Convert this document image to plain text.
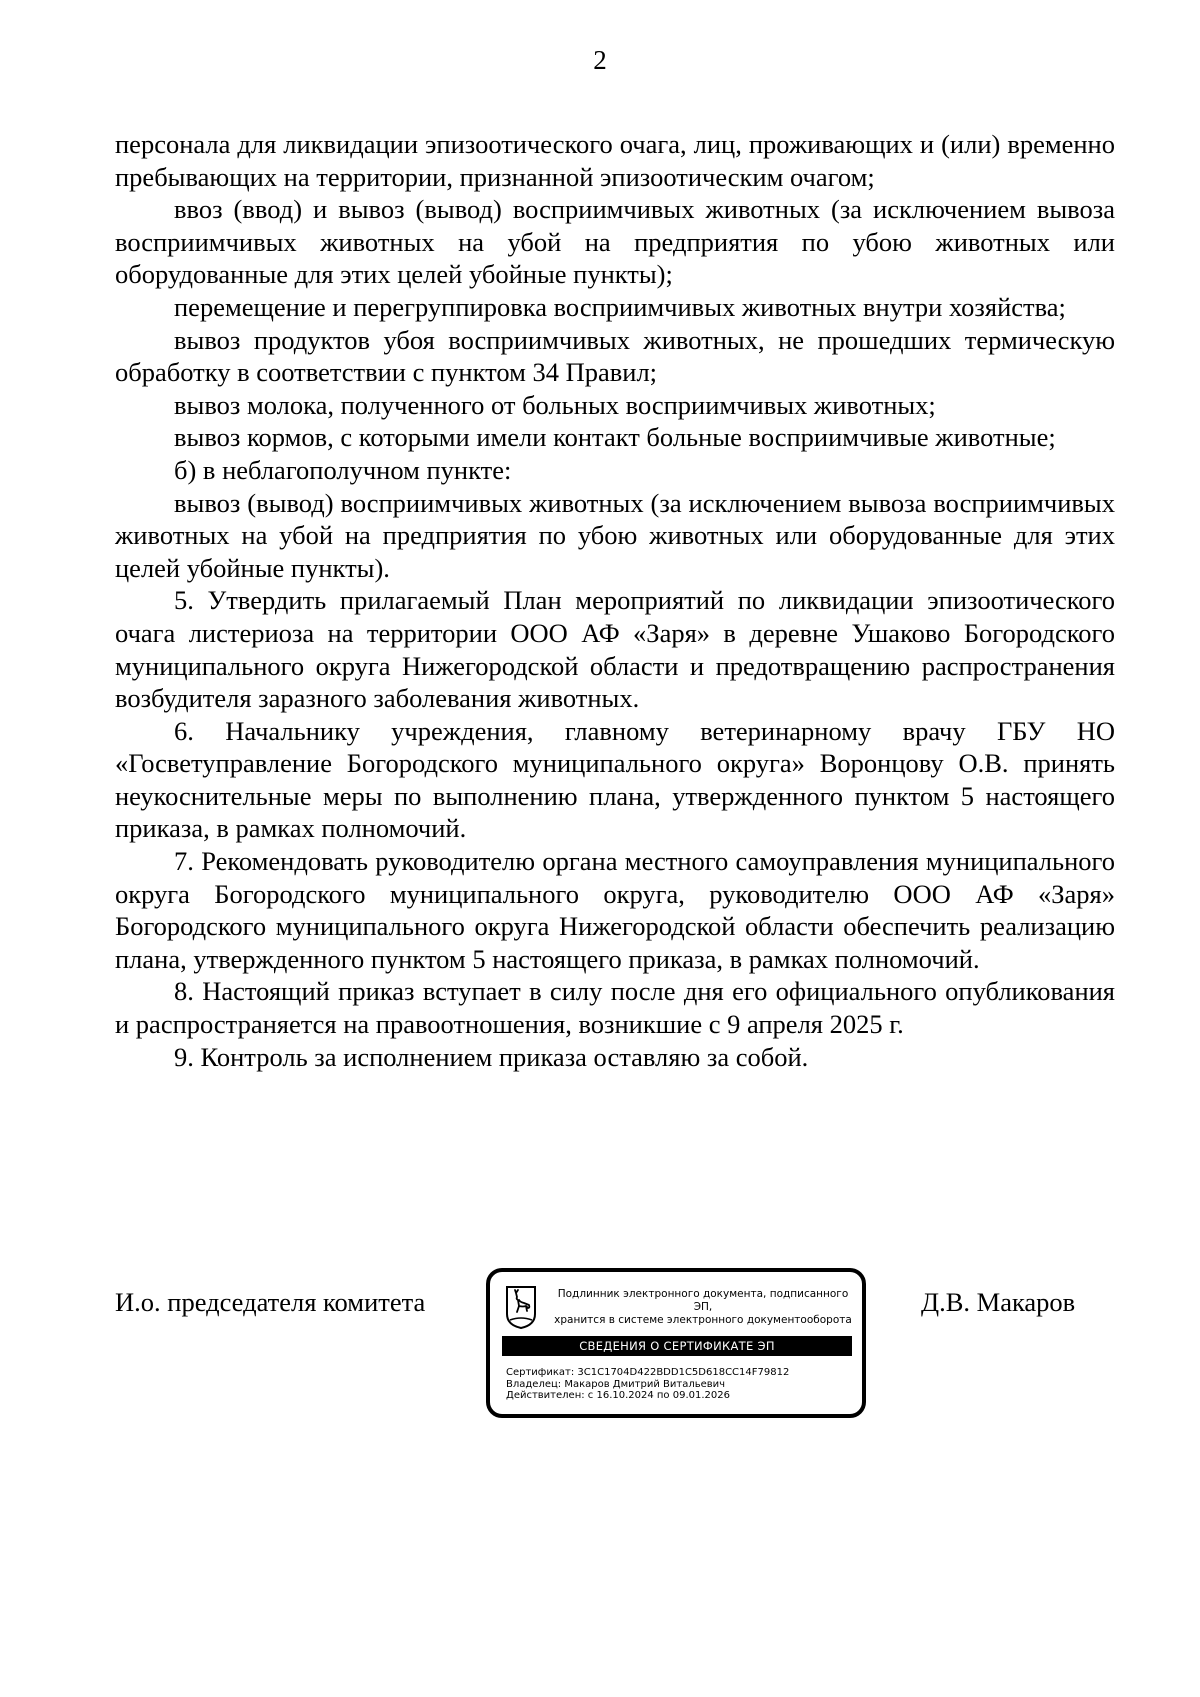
2

персонала для ликвидации эпизоотического очага, лиц, проживающих и (или) временно пребывающих на территории, признанной эпизоотическим очагом;

ввоз (ввод) и вывоз (вывод) восприимчивых животных (за исключением вывоза восприимчивых животных на убой на предприятия по убою животных или оборудованные для этих целей убойные пункты);

перемещение и перегруппировка восприимчивых животных внутри хозяйства;

вывоз продуктов убоя восприимчивых животных, не прошедших термическую обработку в соответствии с пунктом 34 Правил;

вывоз молока, полученного от больных восприимчивых животных;

вывоз кормов, с которыми имели контакт больные восприимчивые животные;

б) в неблагополучном пункте:

вывоз (вывод) восприимчивых животных (за исключением вывоза восприимчивых животных на убой на предприятия по убою животных или оборудованные для этих целей убойные пункты).

5. Утвердить прилагаемый План мероприятий по ликвидации эпизоотического очага листериоза на территории ООО АФ «Заря» в деревне Ушаково Богородского муниципального округа Нижегородской области и предотвращению распространения возбудителя заразного заболевания животных.

6. Начальнику учреждения, главному ветеринарному врачу ГБУ НО «Госветуправление Богородского муниципального округа» Воронцову О.В. принять неукоснительные меры по выполнению плана, утвержденного пунктом 5 настоящего приказа, в рамках полномочий.

7. Рекомендовать руководителю органа местного самоуправления муниципального округа Богородского муниципального округа, руководителю ООО АФ «Заря» Богородского муниципального округа Нижегородской области обеспечить реализацию плана, утвержденного пунктом 5 настоящего приказа, в рамках полномочий.

8. Настоящий приказ вступает в силу после дня его официального опубликования и распространяется на правоотношения, возникшие с 9 апреля 2025 г.

9. Контроль за исполнением приказа оставляю за собой.

И.о. председателя комитета	Подлинник электронного документа, подписанного ЭП,
хранится в системе электронного документооборота
СВЕДЕНИЯ О СЕРТИФИКАТЕ ЭП
Сертификат: 3C1C1704D422BDD1C5D618CC14F79812
Владелец: Макаров Дмитрий Витальевич
Действителен: с 16.10.2024 по 09.01.2026
Д.В. Макаров
